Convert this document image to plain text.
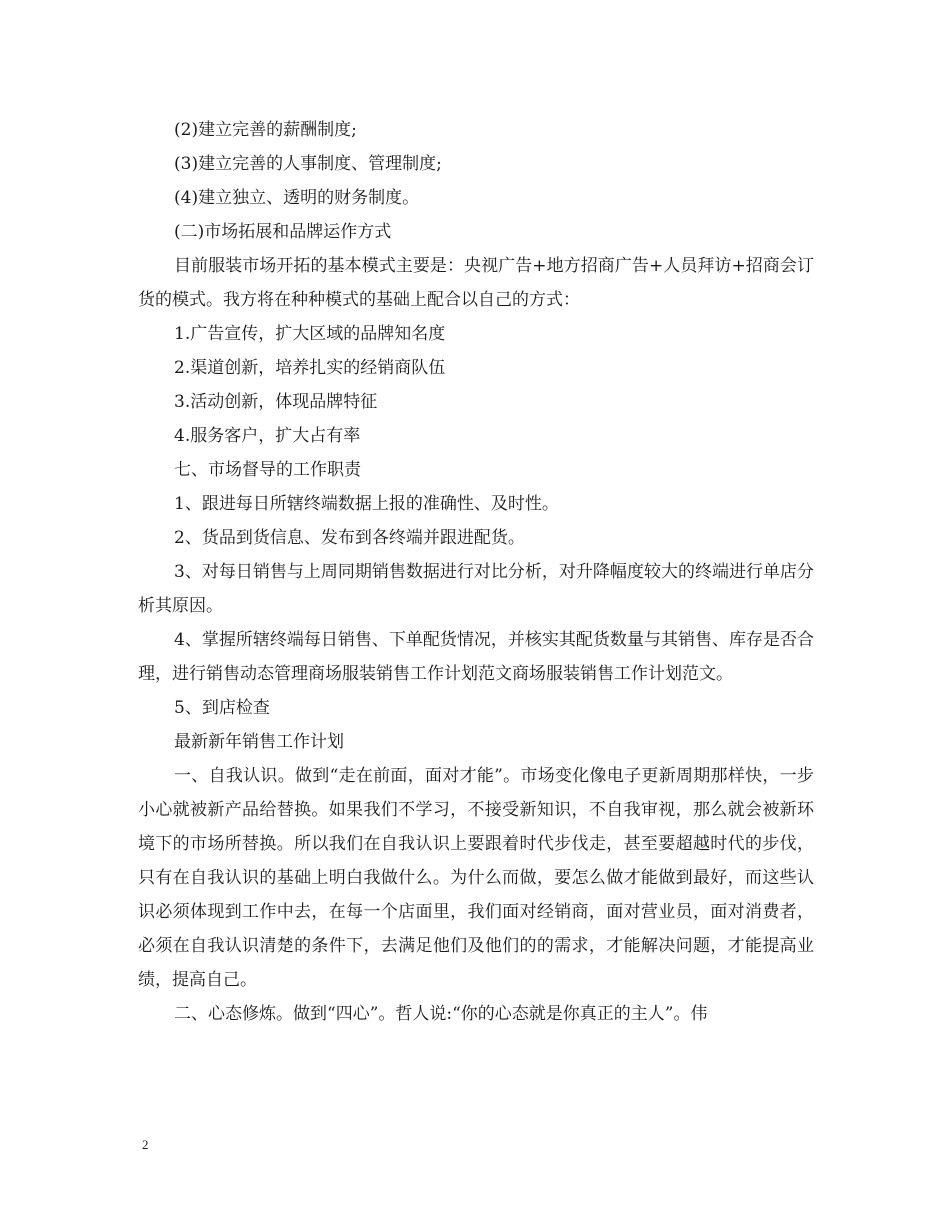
(2)建立完善的薪酬制度;

(3)建立完善的人事制度、管理制度;

(4)建立独立、透明的财务制度。

(二)市场拓展和品牌运作方式

目前服装市场开拓的基本模式主要是：央视广告+地方招商广告+人员拜访+招商会订货的模式。我方将在种种模式的基础上配合以自己的方式：

1.广告宣传，扩大区域的品牌知名度

2.渠道创新，培养扎实的经销商队伍

3.活动创新，体现品牌特征

4.服务客户，扩大占有率

七、市场督导的工作职责

1、跟进每日所辖终端数据上报的准确性、及时性。

2、货品到货信息、发布到各终端并跟进配货。

3、对每日销售与上周同期销售数据进行对比分析，对升降幅度较大的终端进行单店分析其原因。

4、掌握所辖终端每日销售、下单配货情况，并核实其配货数量与其销售、库存是否合理，进行销售动态管理商场服装销售工作计划范文商场服装销售工作计划范文。

5、到店检查

最新新年销售工作计划

一、自我认识。做到“走在前面，面对才能”。市场变化像电子更新周期那样快，一步小心就被新产品给替换。如果我们不学习，不接受新知识，不自我审视，那么就会被新环境下的市场所替换。所以我们在自我认识上要跟着时代步伐走，甚至要超越时代的步伐，只有在自我认识的基础上明白我做什么。为什么而做，要怎么做才能做到最好，而这些认识必须体现到工作中去，在每一个店面里，我们面对经销商，面对营业员，面对消费者，必须在自我认识清楚的条件下，去满足他们及他们的的需求，才能解决问题，才能提高业绩，提高自己。

二、心态修炼。做到“四心”。哲人说:“你的心态就是你真正的主人”。伟

2
